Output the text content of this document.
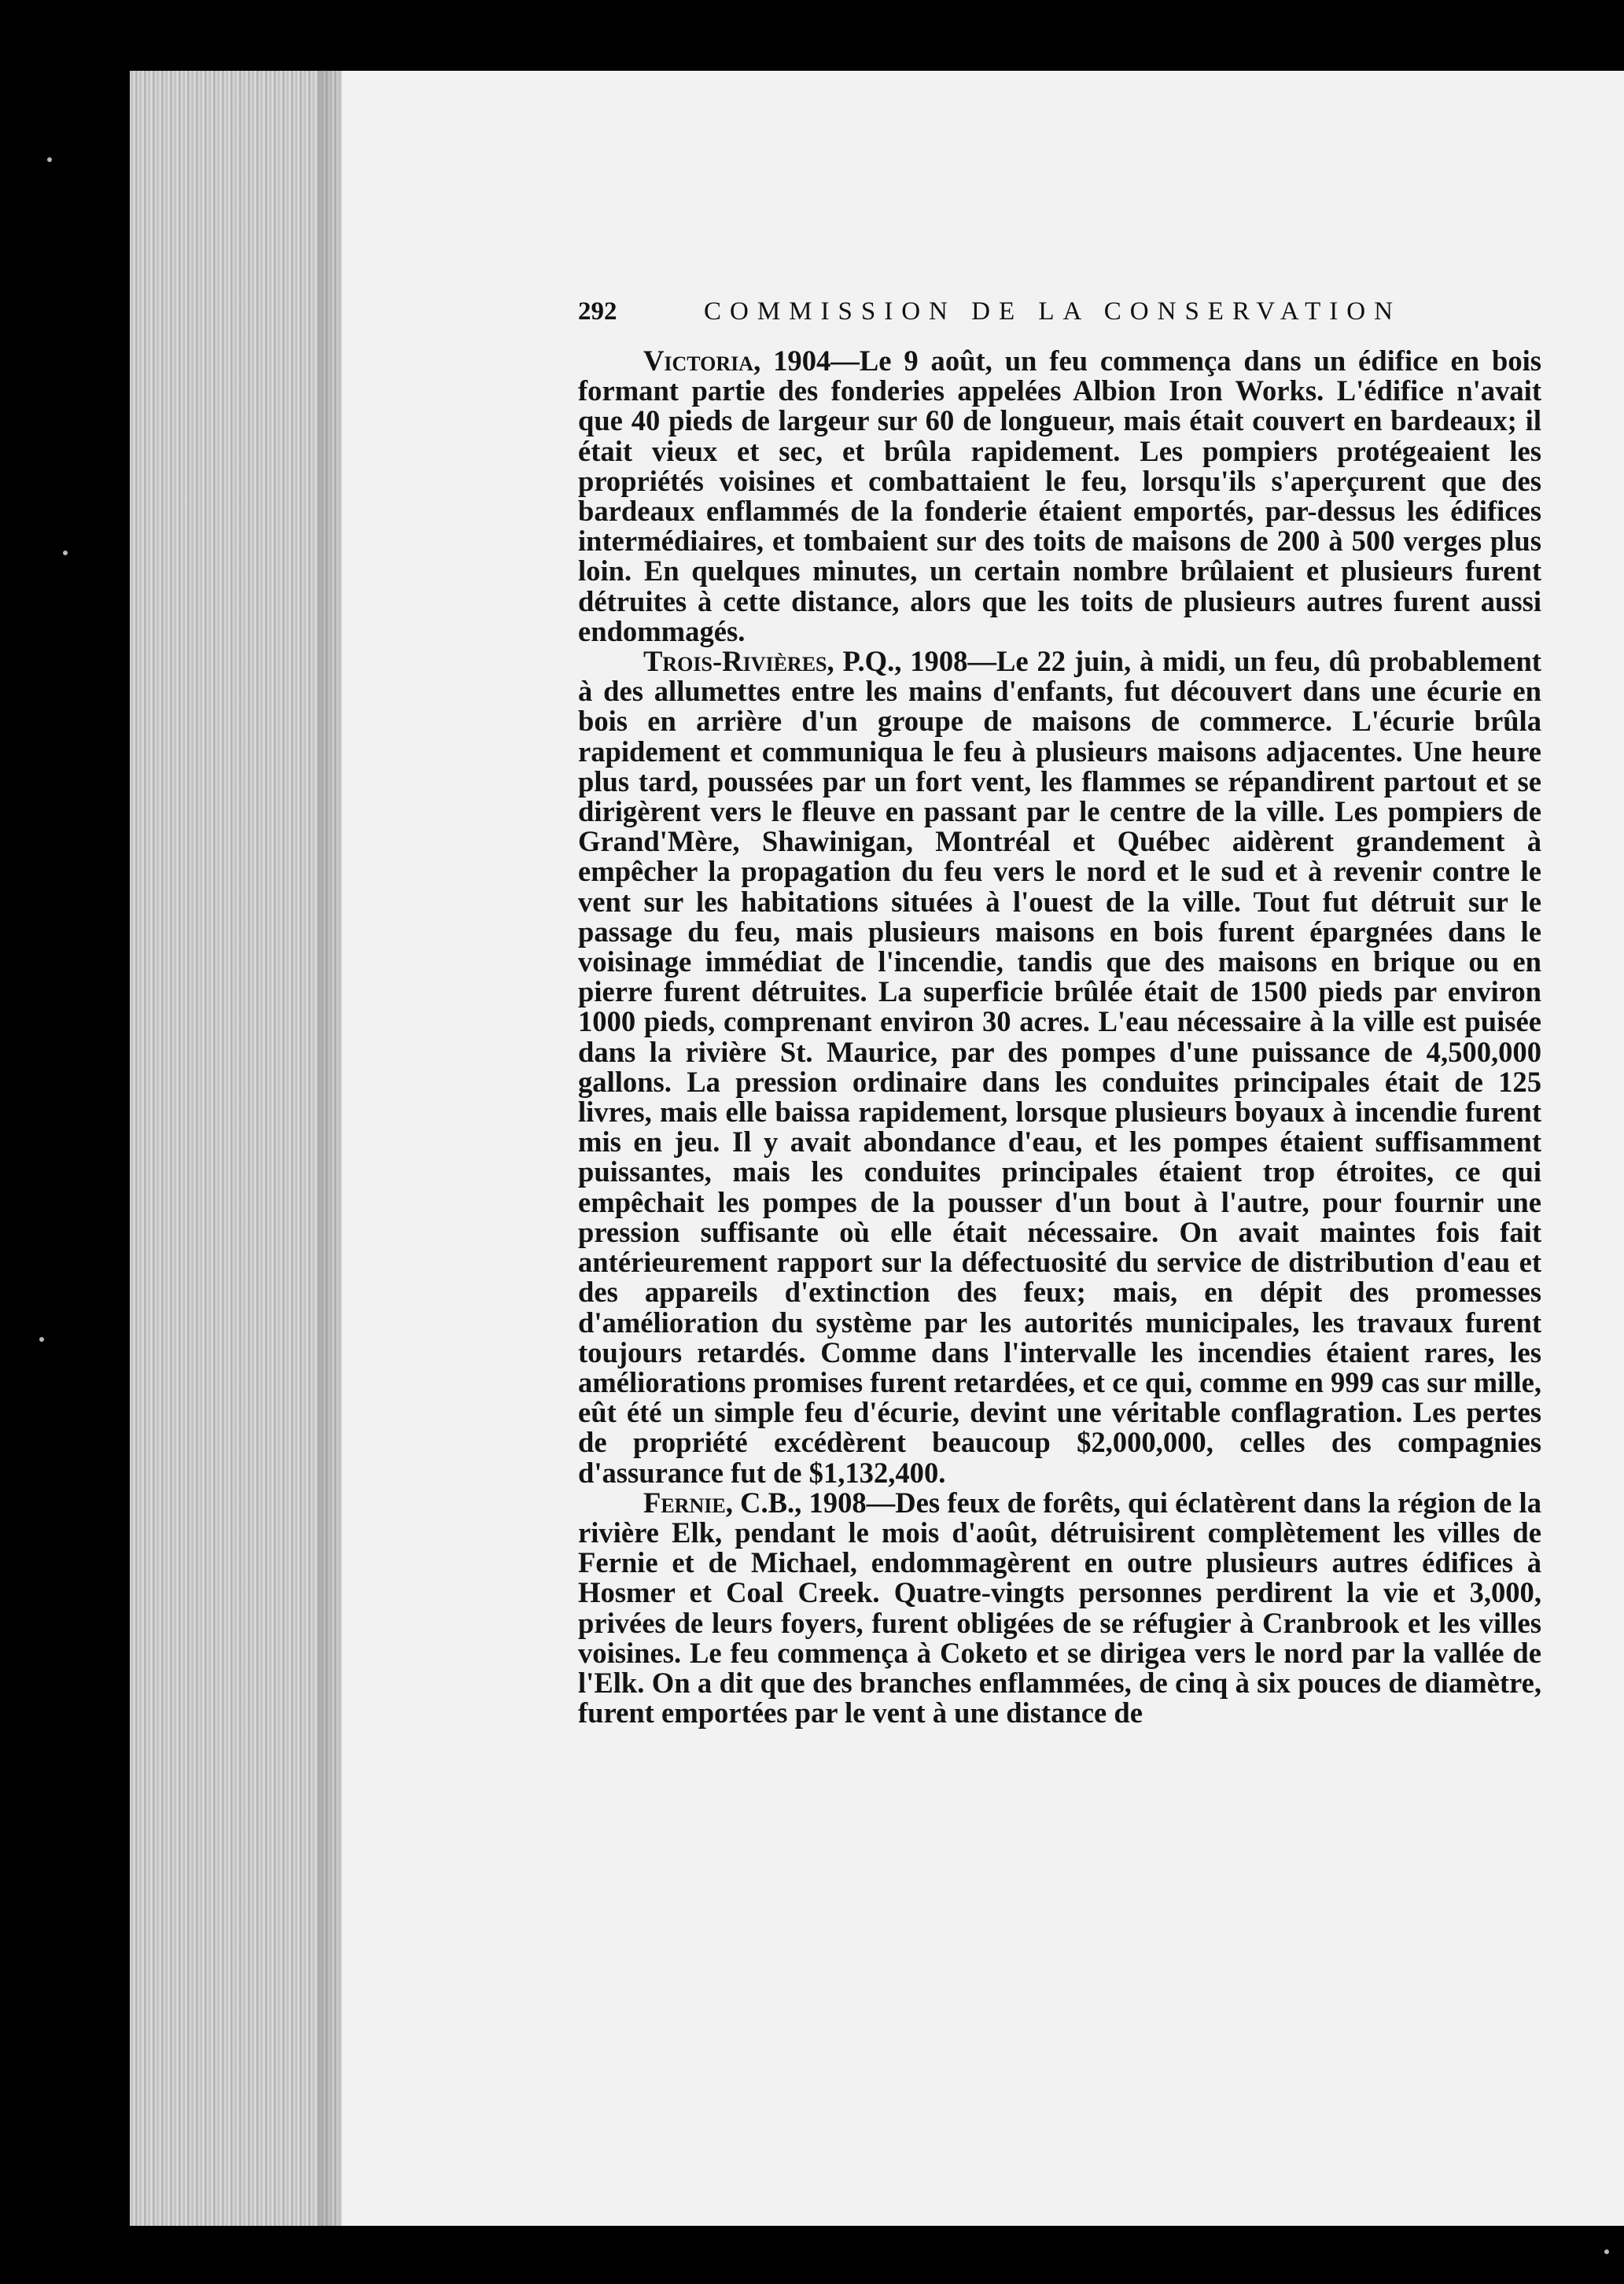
292	COMMISSION DE LA CONSERVATION

Victoria, 1904—Le 9 août, un feu commença dans un édifice en bois formant partie des fonderies appelées Albion Iron Works. L'édifice n'avait que 40 pieds de largeur sur 60 de longueur, mais était couvert en bardeaux; il était vieux et sec, et brûla rapidement. Les pompiers protégeaient les propriétés voisines et combattaient le feu, lorsqu'ils s'aperçurent que des bardeaux enflammés de la fonderie étaient emportés, par-dessus les édifices intermédiaires, et tombaient sur des toits de maisons de 200 à 500 verges plus loin. En quelques minutes, un certain nombre brûlaient et plusieurs furent détruites à cette distance, alors que les toits de plusieurs autres furent aussi endommagés.

Trois-Rivières, P.Q., 1908—Le 22 juin, à midi, un feu, dû probablement à des allumettes entre les mains d'enfants, fut découvert dans une écurie en bois en arrière d'un groupe de maisons de commerce. L'écurie brûla rapidement et communiqua le feu à plusieurs maisons adjacentes. Une heure plus tard, poussées par un fort vent, les flammes se répandirent partout et se dirigèrent vers le fleuve en passant par le centre de la ville. Les pompiers de Grand'Mère, Shawinigan, Montréal et Québec aidèrent grandement à empêcher la propagation du feu vers le nord et le sud et à revenir contre le vent sur les habitations situées à l'ouest de la ville. Tout fut détruit sur le passage du feu, mais plusieurs maisons en bois furent épargnées dans le voisinage immédiat de l'incendie, tandis que des maisons en brique ou en pierre furent détruites. La superficie brûlée était de 1500 pieds par environ 1000 pieds, comprenant environ 30 acres. L'eau nécessaire à la ville est puisée dans la rivière St. Maurice, par des pompes d'une puissance de 4,500,000 gallons. La pression ordinaire dans les conduites principales était de 125 livres, mais elle baissa rapidement, lorsque plusieurs boyaux à incendie furent mis en jeu. Il y avait abondance d'eau, et les pompes étaient suffisamment puissantes, mais les conduites principales étaient trop étroites, ce qui empêchait les pompes de la pousser d'un bout à l'autre, pour fournir une pression suffisante où elle était nécessaire. On avait maintes fois fait antérieurement rapport sur la défectuosité du service de distribution d'eau et des appareils d'extinction des feux; mais, en dépit des promesses d'amélioration du système par les autorités municipales, les travaux furent toujours retardés. Comme dans l'intervalle les incendies étaient rares, les améliorations promises furent retardées, et ce qui, comme en 999 cas sur mille, eût été un simple feu d'écurie, devint une véritable conflagration. Les pertes de propriété excédèrent beaucoup $2,000,000, celles des compagnies d'assurance fut de $1,132,400.

Fernie, C.B., 1908—Des feux de forêts, qui éclatèrent dans la région de la rivière Elk, pendant le mois d'août, détruisirent complètement les villes de Fernie et de Michael, endommagèrent en outre plusieurs autres édifices à Hosmer et Coal Creek. Quatre-vingts personnes perdirent la vie et 3,000, privées de leurs foyers, furent obligées de se réfugier à Cranbrook et les villes voisines. Le feu commença à Coketo et se dirigea vers le nord par la vallée de l'Elk. On a dit que des branches enflammées, de cinq à six pouces de diamètre, furent emportées par le vent à une distance de
